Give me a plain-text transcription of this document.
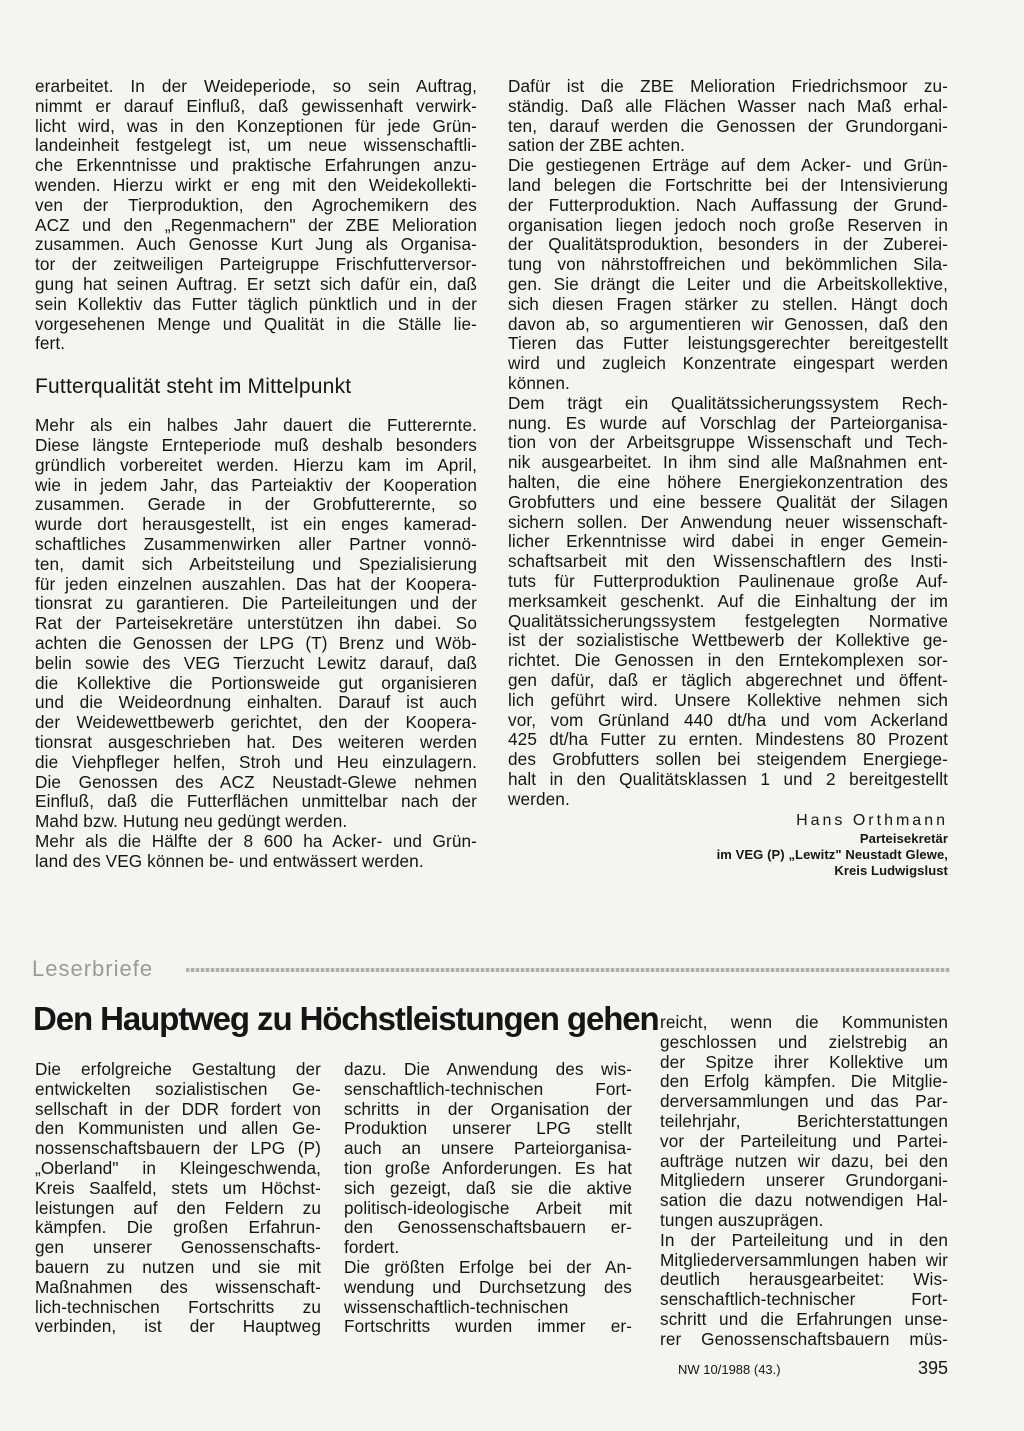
erarbeitet. In der Weideperiode, so sein Auftrag,
nimmt er darauf Einfluß, daß gewissenhaft verwirk-
licht wird, was in den Konzeptionen für jede Grün-
landeinheit festgelegt ist, um neue wissenschaftli-
che Erkenntnisse und praktische Erfahrungen anzu-
wenden. Hierzu wirkt er eng mit den Weidekollekti-
ven der Tierproduktion, den Agrochemikern des
ACZ und den „Regenmachern" der ZBE Melioration
zusammen. Auch Genosse Kurt Jung als Organisa-
tor der zeitweiligen Parteigruppe Frischfutterversor-
gung hat seinen Auftrag. Er setzt sich dafür ein, daß
sein Kollektiv das Futter täglich pünktlich und in der
vorgesehenen Menge und Qualität in die Ställe lie-
fert.

Futterqualität steht im Mittelpunkt

Mehr als ein halbes Jahr dauert die Futterernte.
Diese längste Ernteperiode muß deshalb besonders
gründlich vorbereitet werden. Hierzu kam im April,
wie in jedem Jahr, das Parteiaktiv der Kooperation
zusammen. Gerade in der Grobfutterernte, so
wurde dort herausgestellt, ist ein enges kamerad-
schaftliches Zusammenwirken aller Partner vonnö-
ten, damit sich Arbeitsteilung und Spezialisierung
für jeden einzelnen auszahlen. Das hat der Koopera-
tionsrat zu garantieren. Die Parteileitungen und der
Rat der Parteisekretäre unterstützen ihn dabei. So
achten die Genossen der LPG (T) Brenz und Wöb-
belin sowie des VEG Tierzucht Lewitz darauf, daß
die Kollektive die Portionsweide gut organisieren
und die Weideordnung einhalten. Darauf ist auch
der Weidewettbewerb gerichtet, den der Koopera-
tionsrat ausgeschrieben hat. Des weiteren werden
die Viehpfleger helfen, Stroh und Heu einzulagern.
Die Genossen des ACZ Neustadt-Glewe nehmen
Einfluß, daß die Futterflächen unmittelbar nach der
Mahd bzw. Hutung neu gedüngt werden.

Mehr als die Hälfte der 8 600 ha Acker- und Grün-
land des VEG können be- und entwässert werden.

Dafür ist die ZBE Melioration Friedrichsmoor zu-
ständig. Daß alle Flächen Wasser nach Maß erhal-
ten, darauf werden die Genossen der Grundorgani-
sation der ZBE achten.

Die gestiegenen Erträge auf dem Acker- und Grün-
land belegen die Fortschritte bei der Intensivierung
der Futterproduktion. Nach Auffassung der Grund-
organisation liegen jedoch noch große Reserven in
der Qualitätsproduktion, besonders in der Zuberei-
tung von nährstoffreichen und bekömmlichen Sila-
gen. Sie drängt die Leiter und die Arbeitskollektive,
sich diesen Fragen stärker zu stellen. Hängt doch
davon ab, so argumentieren wir Genossen, daß den
Tieren das Futter leistungsgerechter bereitgestellt
wird und zugleich Konzentrate eingespart werden
können.

Dem trägt ein Qualitätssicherungssystem Rech-
nung. Es wurde auf Vorschlag der Parteiorganisa-
tion von der Arbeitsgruppe Wissenschaft und Tech-
nik ausgearbeitet. In ihm sind alle Maßnahmen ent-
halten, die eine höhere Energiekonzentration des
Grobfutters und eine bessere Qualität der Silagen
sichern sollen. Der Anwendung neuer wissenschaft-
licher Erkenntnisse wird dabei in enger Gemein-
schaftsarbeit mit den Wissenschaftlern des Insti-
tuts für Futterproduktion Paulinenaue große Auf-
merksamkeit geschenkt. Auf die Einhaltung der im
Qualitätssicherungssystem festgelegten Normative
ist der sozialistische Wettbewerb der Kollektive ge-
richtet. Die Genossen in den Erntekomplexen sor-
gen dafür, daß er täglich abgerechnet und öffent-
lich geführt wird. Unsere Kollektive nehmen sich
vor, vom Grünland 440 dt/ha und vom Ackerland
425 dt/ha Futter zu ernten. Mindestens 80 Prozent
des Grobfutters sollen bei steigendem Energiege-
halt in den Qualitätsklassen 1 und 2 bereitgestellt
werden.

Hans Orthmann
Parteisekretär
im VEG (P) „Lewitz" Neustadt Glewe,
Kreis Ludwigslust
Leserbriefe
Den Hauptweg zu Höchstleistungen gehen

Die erfolgreiche Gestaltung der
entwickelten sozialistischen Ge-
sellschaft in der DDR fordert von
den Kommunisten und allen Ge-
nossenschaftsbauern der LPG (P)
„Oberland" in Kleingeschwenda,
Kreis Saalfeld, stets um Höchst-
leistungen auf den Feldern zu
kämpfen. Die großen Erfahrun-
gen unserer Genossenschafts-
bauern zu nutzen und sie mit
Maßnahmen des wissenschaft-
lich-technischen Fortschritts zu
verbinden, ist der Hauptweg

dazu. Die Anwendung des wis-
senschaftlich-technischen Fort-
schritts in der Organisation der
Produktion unserer LPG stellt
auch an unsere Parteiorganisa-
tion große Anforderungen. Es hat
sich gezeigt, daß sie die aktive
politisch-ideologische Arbeit mit
den Genossenschaftsbauern er-
fordert.

Die größten Erfolge bei der An-
wendung und Durchsetzung des
wissenschaftlich-technischen
Fortschritts wurden immer er-

reicht, wenn die Kommunisten
geschlossen und zielstrebig an
der Spitze ihrer Kollektive um
den Erfolg kämpfen. Die Mitglie-
derversammlungen und das Par-
teilehrjahr, Berichterstattungen
vor der Parteileitung und Partei-
aufträge nutzen wir dazu, bei den
Mitgliedern unserer Grundorgani-
sation die dazu notwendigen Hal-
tungen auszuprägen.

In der Parteileitung und in den
Mitgliederversammlungen haben wir
deutlich herausgearbeitet: Wis-
senschaftlich-technischer Fort-
schritt und die Erfahrungen unse-
rer Genossenschaftsbauern müs-

NW 10/1988 (43.)	395
